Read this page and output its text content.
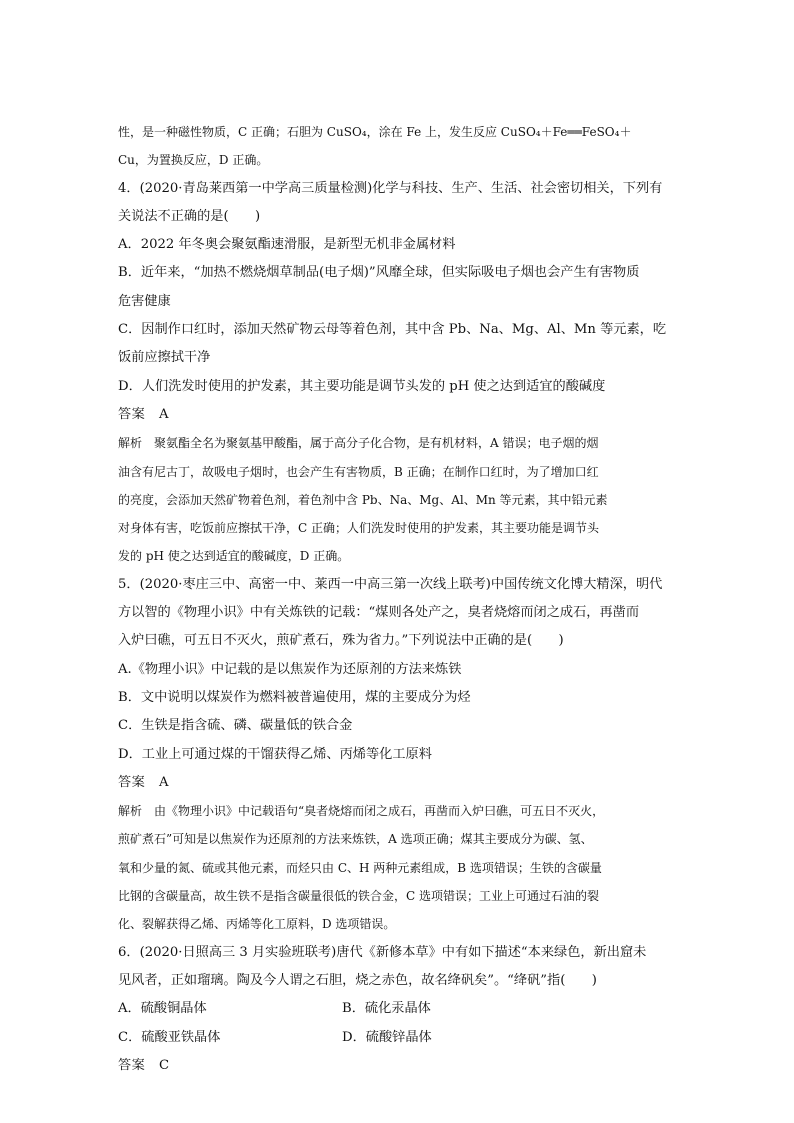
性，是一种磁性物质，C 正确；石胆为 CuSO₄，涂在 Fe 上，发生反应 CuSO₄＋Fe══FeSO₄＋

Cu，为置换反应，D 正确。

4．(2020·青岛莱西第一中学高三质量检测)化学与科技、生产、生活、社会密切相关，下列有

关说法不正确的是(　　)

A．2022 年冬奥会聚氨酯速滑服，是新型无机非金属材料

B．近年来，“加热不燃烧烟草制品(电子烟)”风靡全球，但实际吸电子烟也会产生有害物质

危害健康

C．因制作口红时，添加天然矿物云母等着色剂，其中含 Pb、Na、Mg、Al、Mn 等元素，吃

饭前应擦拭干净

D．人们洗发时使用的护发素，其主要功能是调节头发的 pH 使之达到适宜的酸碱度

答案　A

解析　聚氨酯全名为聚氨基甲酸酯，属于高分子化合物，是有机材料，A 错误；电子烟的烟

油含有尼古丁，故吸电子烟时，也会产生有害物质，B 正确；在制作口红时，为了增加口红

的亮度，会添加天然矿物着色剂，着色剂中含 Pb、Na、Mg、Al、Mn 等元素，其中铅元素

对身体有害，吃饭前应擦拭干净，C 正确；人们洗发时使用的护发素，其主要功能是调节头

发的 pH 使之达到适宜的酸碱度，D 正确。

5．(2020·枣庄三中、高密一中、莱西一中高三第一次线上联考)中国传统文化博大精深，明代

方以智的《物理小识》中有关炼铁的记载：“煤则各处产之，臭者烧熔而闭之成石，再凿而

入炉曰礁，可五日不灭火，煎矿煮石，殊为省力。”下列说法中正确的是(　　)

A.《物理小识》中记载的是以焦炭作为还原剂的方法来炼铁

B．文中说明以煤炭作为燃料被普遍使用，煤的主要成分为烃

C．生铁是指含硫、磷、碳量低的铁合金

D．工业上可通过煤的干馏获得乙烯、丙烯等化工原料

答案　A

解析　由《物理小识》中记载语句“臭者烧熔而闭之成石，再凿而入炉曰礁，可五日不灭火，

煎矿煮石”可知是以焦炭作为还原剂的方法来炼铁，A 选项正确；煤其主要成分为碳、氢、

氧和少量的氮、硫或其他元素，而烃只由 C、H 两种元素组成，B 选项错误；生铁的含碳量

比钢的含碳量高，故生铁不是指含碳量很低的铁合金，C 选项错误；工业上可通过石油的裂

化、裂解获得乙烯、丙烯等化工原料，D 选项错误。

6．(2020·日照高三 3 月实验班联考)唐代《新修本草》中有如下描述“本来绿色，新出窟未

见风者，正如瑠璃。陶及今人谓之石胆，烧之赤色，故名绛矾矣”。“绛矾”指(　　)

A．硫酸铜晶体	B．硫化汞晶体
C．硫酸亚铁晶体	D．硫酸锌晶体

答案　C
